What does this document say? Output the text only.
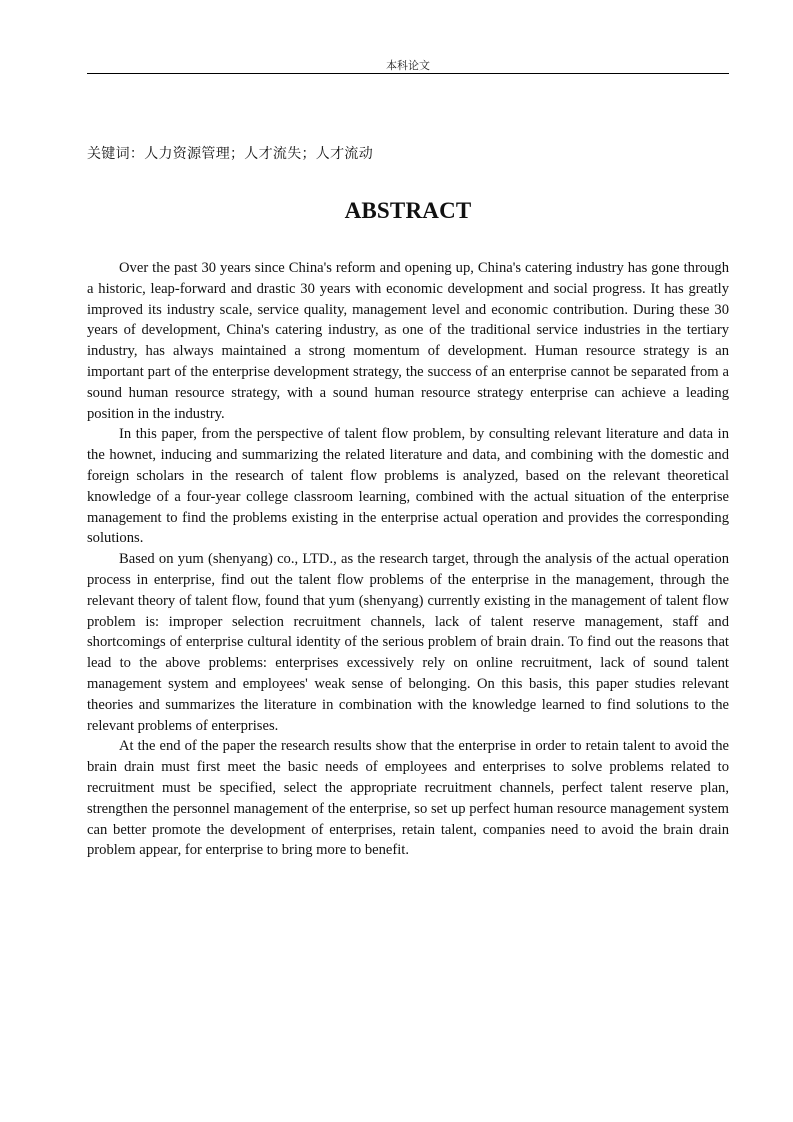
本科论文
关键词：人力资源管理；人才流失；人才流动
ABSTRACT

Over the past 30 years since China's reform and opening up, China's catering industry has gone through a historic, leap-forward and drastic 30 years with economic development and social progress. It has greatly improved its industry scale, service quality, management level and economic contribution. During these 30 years of development, China's catering industry, as one of the traditional service industries in the tertiary industry, has always maintained a strong momentum of development. Human resource strategy is an important part of the enterprise development strategy, the success of an enterprise cannot be separated from a sound human resource strategy, with a sound human resource strategy enterprise can achieve a leading position in the industry.

In this paper, from the perspective of talent flow problem, by consulting relevant literature and data in the hownet, inducing and summarizing the related literature and data, and combining with the domestic and foreign scholars in the research of talent flow problems is analyzed, based on the relevant theoretical knowledge of a four-year college classroom learning, combined with the actual situation of the enterprise management to find the problems existing in the enterprise actual operation and provides the corresponding solutions.

Based on yum (shenyang) co., LTD., as the research target, through the analysis of the actual operation process in enterprise, find out the talent flow problems of the enterprise in the management, through the relevant theory of talent flow, found that yum (shenyang) currently existing in the management of talent flow problem is: improper selection recruitment channels, lack of talent reserve management, staff and shortcomings of enterprise cultural identity of the serious problem of brain drain. To find out the reasons that lead to the above problems: enterprises excessively rely on online recruitment, lack of sound talent management system and employees' weak sense of belonging. On this basis, this paper studies relevant theories and summarizes the literature in combination with the knowledge learned to find solutions to the relevant problems of enterprises.

At the end of the paper the research results show that the enterprise in order to retain talent to avoid the brain drain must first meet the basic needs of employees and enterprises to solve problems related to recruitment must be specified, select the appropriate recruitment channels, perfect talent reserve plan, strengthen the personnel management of the enterprise, so set up perfect human resource management system can better promote the development of enterprises, retain talent, companies need to avoid the brain drain problem appear, for enterprise to bring more to benefit.
